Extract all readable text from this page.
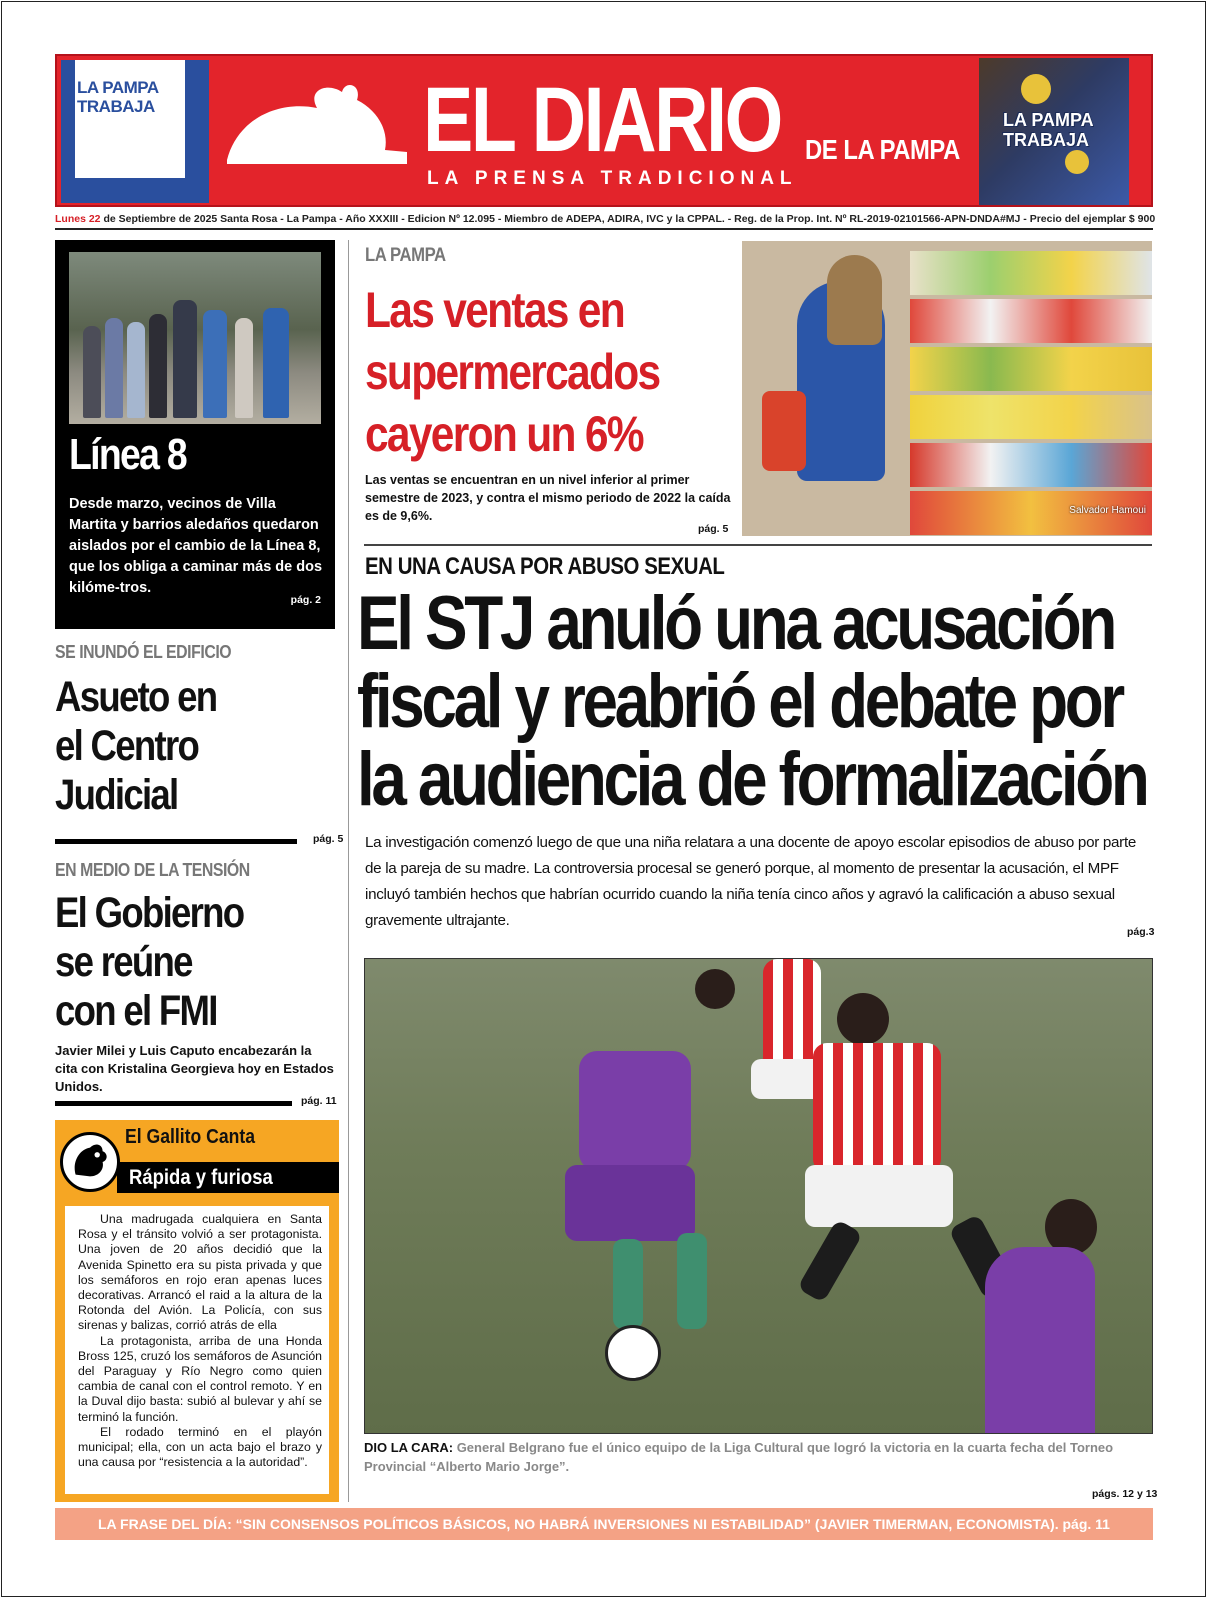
LA PAMPA TRABAJA	EL DIARIO DE LA PAMPA
LA PRENSA TRADICIONAL
LA PAMPA TRABAJA
Lunes 22 de Septiembre de 2025 Santa Rosa - La Pampa - Año XXXIII - Edicion Nº 12.095 - Miembro de ADEPA, ADIRA, IVC y la CPPAL. - Reg. de la Prop. Int. Nº RL-2019-02101566-APN-DNDA#MJ - Precio del ejemplar $ 900
Línea 8
Desde marzo, vecinos de Villa Martita y barrios aledaños quedaron aislados por el cambio de la Línea 8, que los obliga a caminar más de dos kilóme-tros.
pág. 2
SE INUNDÓ EL EDIFICIO
Asueto en
el Centro
Judicial
pág. 5
EN MEDIO DE LA TENSIÓN
El Gobierno
se reúne
con el FMI
Javier Milei y Luis Caputo encabezarán la cita con Kristalina Georgieva hoy en Estados Unidos.
pág. 11
El Gallito Canta
Rápida y furiosa

Una madrugada cualquiera en Santa Rosa y el tránsito volvió a ser protagonista. Una joven de 20 años decidió que la Avenida Spinetto era su pista privada y que los semáforos en rojo eran apenas luces decorativas. Arrancó el raid a la altura de la Rotonda del Avión. La Policía, con sus sirenas y balizas, corrió atrás de ella

La protagonista, arriba de una Honda Bross 125, cruzó los semáforos de Asunción del Paraguay y Río Negro como quien cambia de canal con el control remoto. Y en la Duval dijo basta: subió al bulevar y ahí se terminó la función.

El rodado terminó en el playón municipal; ella, con un acta bajo el brazo y una causa por “resistencia a la autoridad”.

LA PAMPA
Las ventas en
supermercados
cayeron un 6%
Las ventas se encuentran en un nivel inferior al primer semestre de 2023, y contra el mismo periodo de 2022 la caída es de 9,6%.
pág. 5
Salvador Hamoui
EN UNA CAUSA POR ABUSO SEXUAL
El STJ anuló una acusación
fiscal y reabrió el debate por
la audiencia de formalización
La investigación comenzó luego de que una niña relatara a una docente de apoyo escolar episodios de abuso por parte de la pareja de su madre. La controversia procesal se generó porque, al momento de presentar la acusación, el MPF incluyó también hechos que habrían ocurrido cuando la niña tenía cinco años y agravó la calificación a abuso sexual gravemente ultrajante.
pág.3
DIO LA CARA: General Belgrano fue el único equipo de la Liga Cultural que logró la victoria en la cuarta fecha del Torneo Provincial “Alberto Mario Jorge”.
págs. 12 y 13
LA FRASE DEL DÍA: “SIN CONSENSOS POLÍTICOS BÁSICOS, NO HABRÁ INVERSIONES NI ESTABILIDAD” (JAVIER TIMERMAN, ECONOMISTA). pág. 11
